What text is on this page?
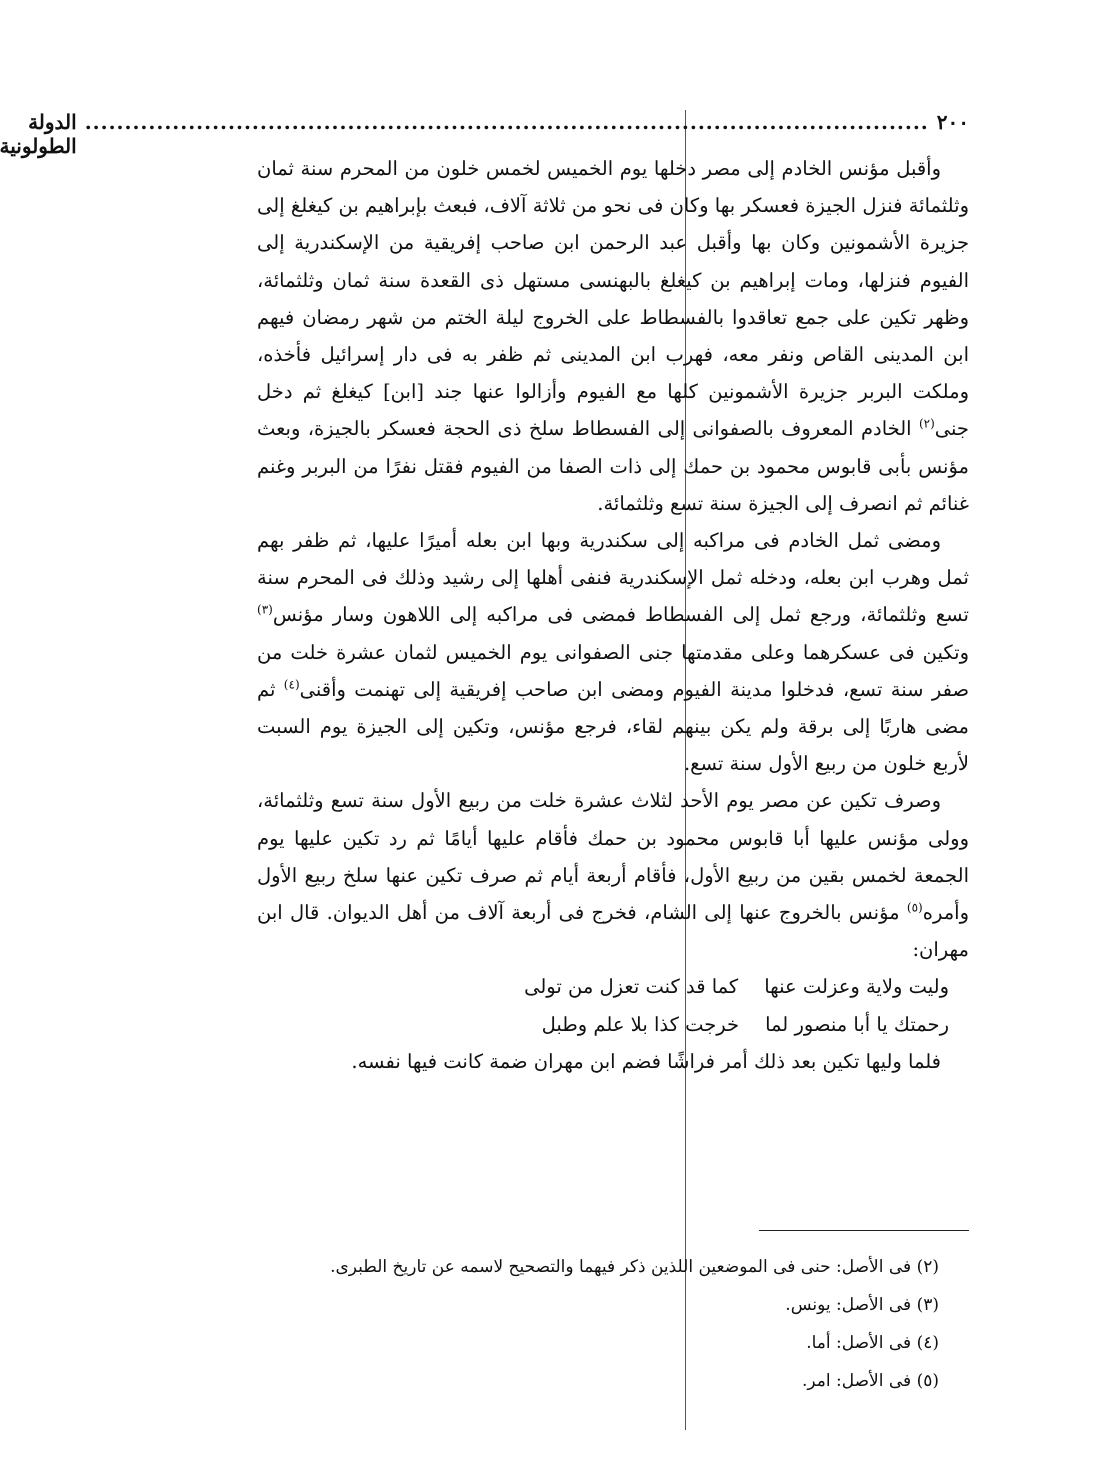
٢٠٠
..........................................................................................................
الدولة الطولونية

وأقبل مؤنس الخادم إلى مصر دخلها يوم الخميس لخمس خلون من المحرم سنة ثمان وثلثمائة فنزل الجيزة فعسكر بها وكان فى نحو من ثلاثة آلاف، فبعث بإبراهيم بن كيغلغ إلى جزيرة الأشمونين وكان بها وأقبل عبد الرحمن ابن صاحب إفريقية من الإسكندرية إلى الفيوم فنزلها، ومات إبراهيم بن كيغلغ بالبهنسى مستهل ذى القعدة سنة ثمان وثلثمائة، وظهر تكين على جمع تعاقدوا بالفسطاط على الخروج ليلة الختم من شهر رمضان فيهم ابن المدينى القاص ونفر معه، فهرب ابن المدينى ثم ظفر به فى دار إسرائيل فأخذه، وملكت البربر جزيرة الأشمونين كلها مع الفيوم وأزالوا عنها جند [ابن] كيغلغ ثم دخل جنى$^{(٢)}$ الخادم المعروف بالصفوانى إلى الفسطاط سلخ ذى الحجة فعسكر بالجيزة، وبعث مؤنس بأبى قابوس محمود بن حمك إلى ذات الصفا من الفيوم فقتل نفرًا من البربر وغنم غنائم ثم انصرف إلى الجيزة سنة تسع وثلثمائة.

ومضى ثمل الخادم فى مراكبه إلى سكندرية وبها ابن بعله أميرًا عليها، ثم ظفر بهم ثمل وهرب ابن بعله، ودخله ثمل الإسكندرية فنفى أهلها إلى رشيد وذلك فى المحرم سنة تسع وثلثمائة، ورجع ثمل إلى الفسطاط فمضى فى مراكبه إلى اللاهون وسار مؤنس$^{(٣)}$ وتكين فى عسكرهما وعلى مقدمتها جنى الصفوانى يوم الخميس لثمان عشرة خلت من صفر سنة تسع، فدخلوا مدينة الفيوم ومضى ابن صاحب إفريقية إلى تهنمت وأقنى$^{(٤)}$ ثم مضى هاربًا إلى برقة ولم يكن بينهم لقاء، فرجع مؤنس، وتكين إلى الجيزة يوم السبت لأربع خلون من ربيع الأول سنة تسع.

وصرف تكين عن مصر يوم الأحد لثلاث عشرة خلت من ربيع الأول سنة تسع وثلثمائة، وولى مؤنس عليها أبا قابوس محمود بن حمك فأقام عليها أيامًا ثم رد تكين عليها يوم الجمعة لخمس بقين من ربيع الأول، فأقام أربعة أيام ثم صرف تكين عنها سلخ ربيع الأول وأمره$^{(٥)}$ مؤنس بالخروج عنها إلى الشام، فخرج فى أربعة آلاف من أهل الديوان. قال ابن مهران:

وليت ولاية وعزلت عنها
كما قد كنت تعزل من تولى
رحمتك يا أبا منصور لما
خرجت كذا بلا علم وطبل

فلما وليها تكين بعد ذلك أمر فراشًا فضم ابن مهران ضمة كانت فيها نفسه.

(٢) فى الأصل: حنى فى الموضعين اللذين ذكر فيهما والتصحيح لاسمه عن تاريخ الطبرى.

(٣) فى الأصل: يونس.

(٤) فى الأصل: أما.

(٥) فى الأصل: امر.
